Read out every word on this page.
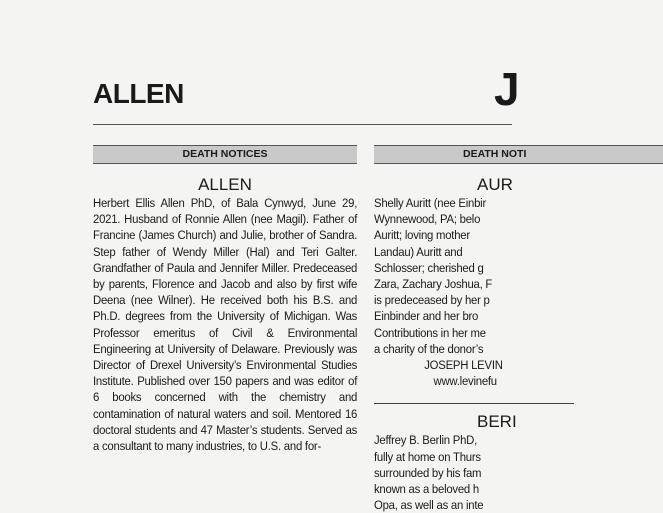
ALLEN	J
DEATH NOTICES
ALLEN

Herbert Ellis Allen PhD, of Bala Cynwyd, June 29, 2021. Husband of Ronnie Allen (nee Magil). Father of Francine (James Church) and Julie, brother of Sandra. Step father of Wendy Miller (Hal) and Teri Galter. Grandfather of Paula and Jennifer Miller. Predeceased by parents, Florence and Jacob and also by first wife Deena (nee Wilner). He received both his B.S. and Ph.D. degrees from the University of Michigan. Was Professor emeritus of Civil & Environmental Engineering at University of Delaware. Previously was Director of Drexel University’s Environmental Studies Institute. Published over 150 papers and was editor of 6 books concerned with the chemistry and contamination of natural waters and soil. Mentored 16 doctoral students and 47 Master’s students. Served as a consultant to many industries, to U.S. and for-

DEATH NOTI
AUR
Shelly Auritt (nee Einbir
Wynnewood, PA; belo
Auritt; loving mother
Landau) Auritt and
Schlosser; cherished g
Zara, Zachary Joshua, F
is predeceased by her p
Einbinder and her bro
Contributions in her me
a charity of the donor’s
JOSEPH LEVIN
www.levinefu
BERI
Jeffrey B. Berlin PhD,
fully at home on Thurs
surrounded by his fam
known as a beloved h
Opa, as well as an inte
